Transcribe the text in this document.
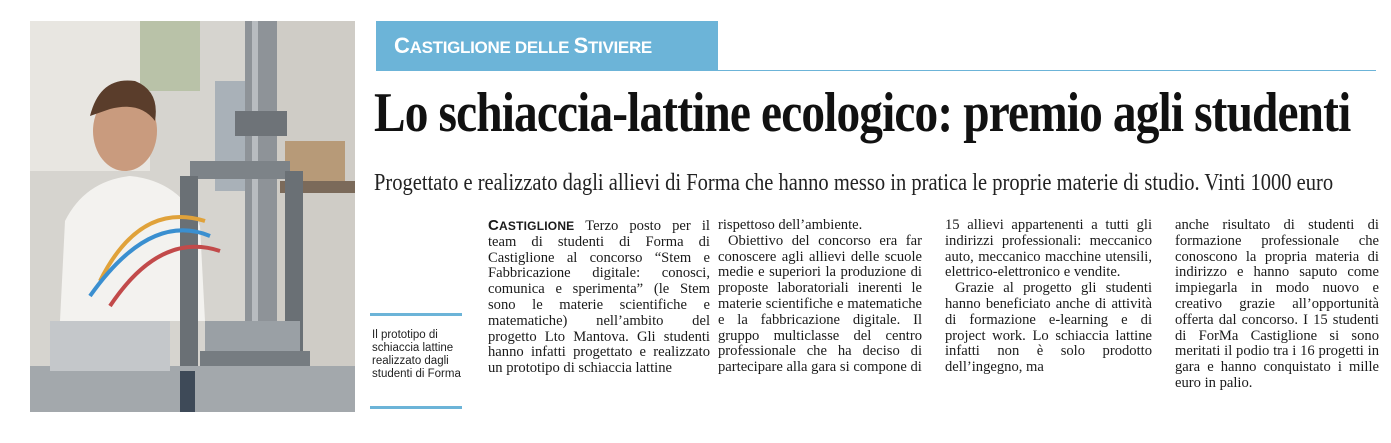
CASTIGLIONE DELLE STIVIERE
Lo schiaccia-lattine ecologico: premio agli studenti
Progettato e realizzato dagli allievi di Forma che hanno messo in pratica le proprie materie di studio. Vinti 1000 euro
Il prototipo di schiaccia lattine realizzato dagli studenti di Forma

CASTIGLIONE Terzo posto per il team di studenti di Forma di Castiglione al concorso “Stem e Fabbricazione digitale: conosci, comunica e sperimenta” (le Stem sono le materie scientifiche e matematiche) nell’ambito del progetto Lto Mantova. Gli studenti hanno infatti progettato e realizzato un prototipo di schiaccia lattine

rispettoso dell’ambiente.

Obiettivo del concorso era far conoscere agli allievi delle scuole medie e superiori la produzione di proposte laboratoriali inerenti le materie scientifiche e matematiche e la fabbricazione digitale. Il gruppo multiclasse del centro professionale che ha deciso di partecipare alla gara si compone di

15 allievi appartenenti a tutti gli indirizzi professionali: meccanico auto, meccanico macchine utensili, elettrico-elettronico e vendite.

Grazie al progetto gli studenti hanno beneficiato anche di attività di formazione e-learning e di project work. Lo schiaccia lattine infatti non è solo prodotto dell’ingegno, ma

anche risultato di studenti di formazione professionale che conoscono la propria materia di indirizzo e hanno saputo come impiegarla in modo nuovo e creativo grazie all’opportunità offerta dal concorso. I 15 studenti di ForMa Castiglione si sono meritati il podio tra i 16 progetti in gara e hanno conquistato i mille euro in palio.
